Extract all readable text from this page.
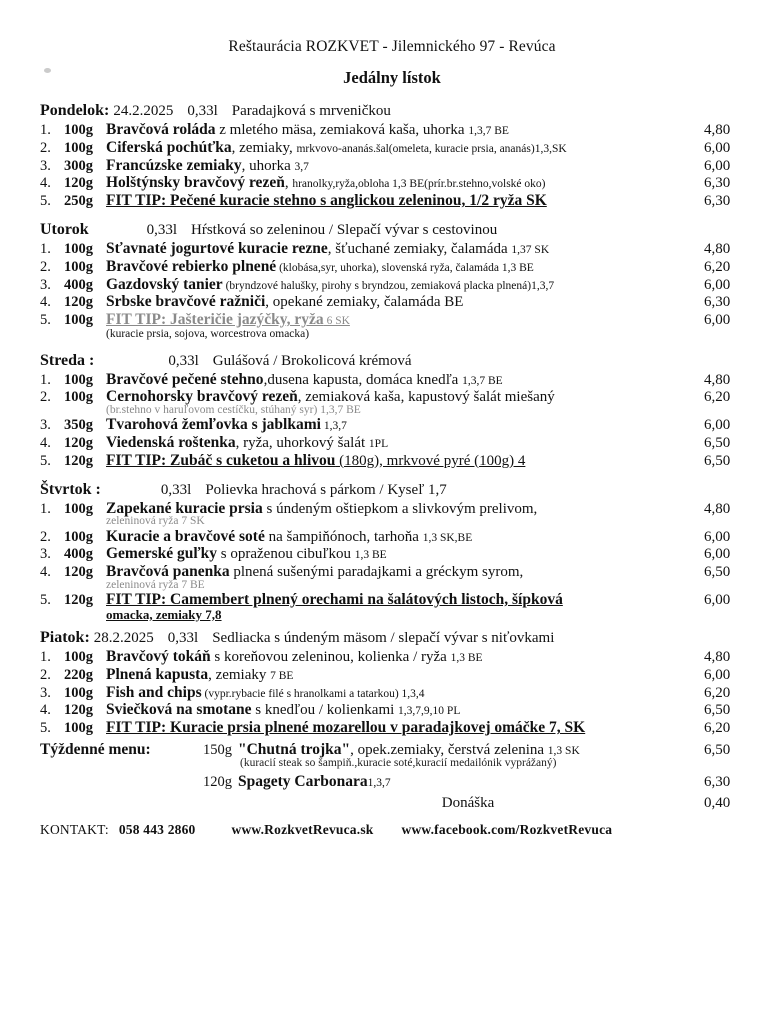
Reštaurácia ROZKVET - Jilemnického 97 - Revúca
Jedálny lístok
Pondelok: 24.2.2025 0,33l Paradajková s mrveničkou
1. 100g Bravčová roláda z mletého mäsa, zemiaková kaša, uhorka 1,3,7 BE	4,80
2. 100g Ciferská pochúťka, zemiaky, mrkvovo-ananás.šal(omeleta, kuracie prsia, ananás)1,3,SK	6,00
3. 300g Francúzske zemiaky, uhorka 3,7	6,00
4. 120g Holštýnsky bravčový rezeň, hranolky,ryža,obloha 1,3 BE(prír.br.stehno,volské oko)	6,30
5. 250g FIT TIP: Pečené kuracie stehno s anglickou zeleninou, 1/2 ryža SK	6,30
Utorok	0,33l Hŕstková so zeleninou / Slepačí vývar s cestovinou
1. 100g Sťavnaté jogurtové kuracie rezne, šťuchané zemiaky, čalamáda 1,37 SK	4,80
2. 100g Bravčové rebierko plnené (klobása,syr, uhorka), slovenská ryža, čalamáda 1,3 BE	6,20
3. 400g Gazdovský tanier (bryndzové halušky, pirohy s bryndzou, zemiaková placka plnená)1,3,7	6,00
4. 120g Srbske bravčové ražniči, opekané zemiaky, čalamáda BE	6,30
5. 100g FIT TIP: Jašteričie jazýčky, ryža 6 SK	6,00
(kuracie prsia, sojova, worcestrova omacka)
Streda :	0,33l Gulášová / Brokolicová krémová
1. 100g Bravčové pečené stehno,dusena kapusta, domáca knedľa 1,3,7 BE	4,80
2. 100g Cernohorsky bravčový rezeň, zemiaková kaša, kapustový šalát miešaný	6,20
(br.stehno v haruľovom cestíčku, stúhaný syr) 1,3,7 BE
3. 350g Tvarohová žemľovka s jablkami 1,3,7	6,00
4. 120g Viedenská roštenka, ryža, uhorkový šalát 1PL	6,50
5. 120g FIT TIP: Zubáč s cuketou a hlivou (180g), mrkvové pyré (100g) 4	6,50
Štvrtok :	0,33l Polievka hrachová s párkom / Kyseľ 1,7
1. 100g Zapekané kuracie prsia s úndeným oštiepkom a slivkovým prelivom,	4,80
zeleninová ryža 7 SK
2. 100g Kuracie a bravčové soté na šampiňónoch, tarhoňa 1,3 SK,BE	6,00
3. 400g Gemerské guľky s opraženou cibuľkou 1,3 BE	6,00
4. 120g Bravčová panenka plnená sušenými paradajkami a gréckym syrom,	6,50
zeleninová ryža 7 BE
5. 120g FIT TIP: Camembert plnený orechami na šalátových listoch, šípková	6,00
omacka, zemiaky 7,8
Piatok: 28.2.2025 0,33l Sedliacka s úndeným mäsom / slepačí vývar s niťovkami
1. 100g Bravčový tokáň s koreňovou zeleninou, kolienka / ryža 1,3 BE	4,80
2. 220g Plnená kapusta, zemiaky 7 BE	6,00
3. 100g Fish and chips (vypr.rybacie filé s hranolkami a tatarkou) 1,3,4	6,20
4. 120g Sviečková na smotane s knedľou / kolienkami 1,3,7,9,10 PL	6,50
5. 100g FIT TIP: Kuracie prsia plnené mozarellou v paradajkovej omáčke 7, SK	6,20
Týždenné menu:	150g "Chutná trojka", opek.zemiaky, čerstvá zelenina 1,3 SK	6,50
(kuracií steak so šampiň.,kuracie soté,kuracií medailónik vyprážaný)
120g Spagety Carbonara1,3,7	6,30
Donáška	0,40
KONTAKT: 058 443 2860	www.RozkvetRevuca.sk www.facebook.com/RozkvetRevuca
